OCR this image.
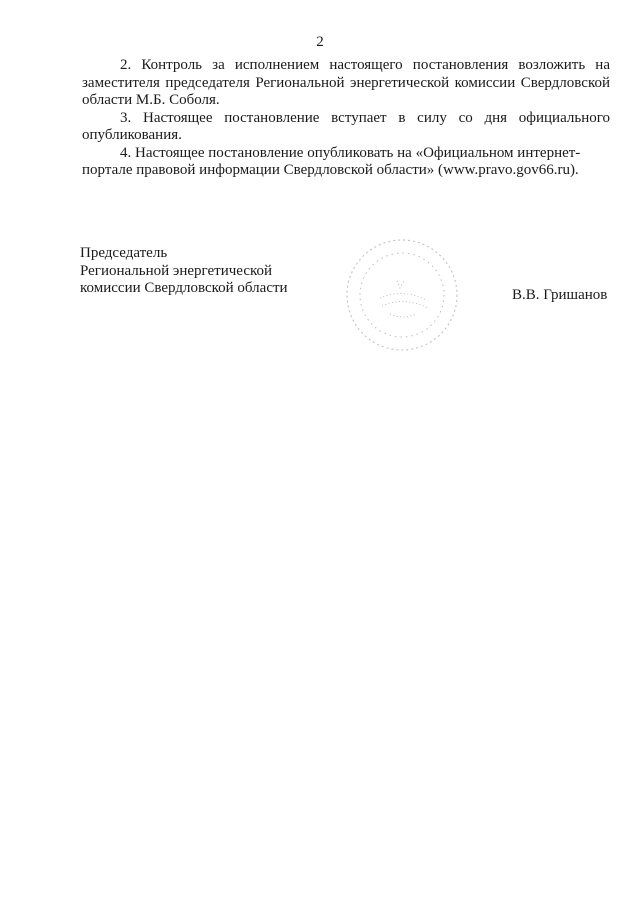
2

2. Контроль за исполнением настоящего постановления возложить на заместителя председателя Региональной энергетической комиссии Свердловской области М.Б. Соболя.

3. Настоящее постановление вступает в силу со дня официального опубликования.

4. Настоящее постановление опубликовать на «Официальном интернет-портале правовой информации Свердловской области» (www.pravo.gov66.ru).

Председатель
Региональной энергетической
комиссии Свердловской области	В.В. Гришанов
